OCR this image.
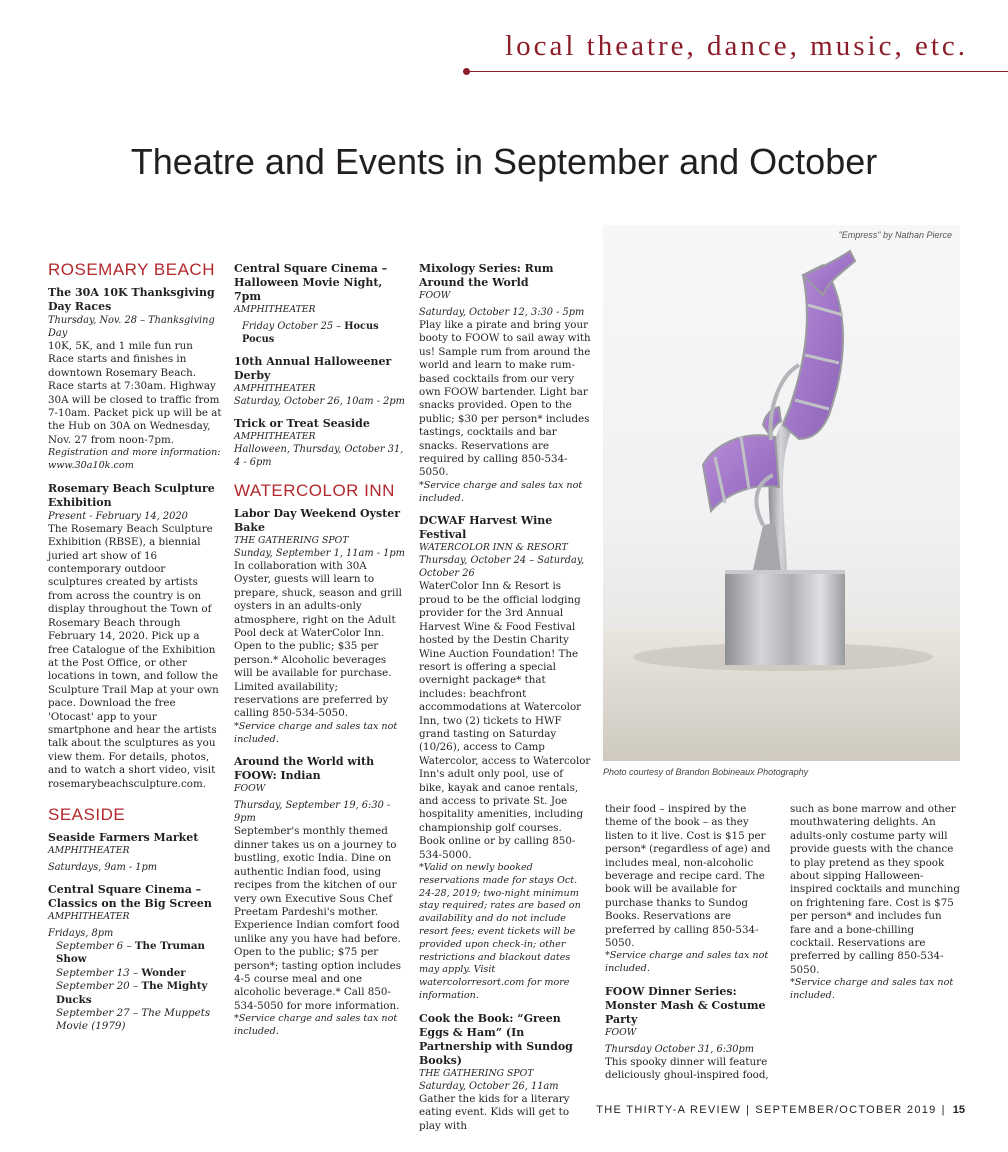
local theatre, dance, music, etc.
Theatre and Events in September and October
ROSEMARY BEACH

The 30A 10K Thanksgiving Day Races

Thursday, Nov. 28 – Thanksgiving Day

10K, 5K, and 1 mile fun run Race starts and finishes in downtown Rosemary Beach. Race starts at 7:30am. Highway 30A will be closed to traffic from 7-10am. Packet pick up will be at the Hub on 30A on Wednesday, Nov. 27 from noon-7pm.

Registration and more information: www.30a10k.com

Rosemary Beach Sculpture Exhibition

Present - February 14, 2020

The Rosemary Beach Sculpture Exhibition (RBSE), a biennial juried art show of 16 contemporary outdoor sculptures created by artists from across the country is on display throughout the Town of Rosemary Beach through February 14, 2020. Pick up a free Catalogue of the Exhibition at the Post Office, or other locations in town, and follow the Sculpture Trail Map at your own pace. Download the free 'Otocast' app to your smartphone and hear the artists talk about the sculptures as you view them. For details, photos, and to watch a short video, visit rosemarybeachsculpture.com.

SEASIDE

Seaside Farmers Market

AMPHITHEATER

Saturdays, 9am - 1pm

Central Square Cinema – Classics on the Big Screen

AMPHITHEATER

Fridays, 8pm

September 6 – The Truman Show

September 13 – Wonder

September 20 – The Mighty Ducks

September 27 – The Muppets Movie (1979)

Central Square Cinema – Halloween Movie Night, 7pm

AMPHITHEATER

Friday October 25 – Hocus Pocus

10th Annual Halloweener Derby

AMPHITHEATER

Saturday, October 26, 10am - 2pm

Trick or Treat Seaside

AMPHITHEATER

Halloween, Thursday, October 31, 4 - 6pm

WATERCOLOR INN

Labor Day Weekend Oyster Bake

THE GATHERING SPOT

Sunday, September 1, 11am - 1pm

In collaboration with 30A Oyster, guests will learn to prepare, shuck, season and grill oysters in an adults-only atmosphere, right on the Adult Pool deck at WaterColor Inn. Open to the public; $35 per person.* Alcoholic beverages will be available for purchase. Limited availability; reservations are preferred by calling 850-534-5050.

*Service charge and sales tax not included.

Around the World with FOOW: Indian

FOOW

Thursday, September 19, 6:30 - 9pm

September's monthly themed dinner takes us on a journey to bustling, exotic India. Dine on authentic Indian food, using recipes from the kitchen of our very own Executive Sous Chef Preetam Pardeshi's mother. Experience Indian comfort food unlike any you have had before. Open to the public; $75 per person*; tasting option includes 4-5 course meal and one alcoholic beverage.* Call 850-534-5050 for more information.

*Service charge and sales tax not included.

Mixology Series: Rum Around the World

FOOW

Saturday, October 12, 3:30 - 5pm

Play like a pirate and bring your booty to FOOW to sail away with us! Sample rum from around the world and learn to make rum-based cocktails from our very own FOOW bartender. Light bar snacks provided. Open to the public; $30 per person* includes tastings, cocktails and bar snacks. Reservations are required by calling 850-534-5050.

*Service charge and sales tax not included.

DCWAF Harvest Wine Festival

WATERCOLOR INN & RESORT

Thursday, October 24 – Saturday, October 26

WaterColor Inn & Resort is proud to be the official lodging provider for the 3rd Annual Harvest Wine & Food Festival hosted by the Destin Charity Wine Auction Foundation! The resort is offering a special overnight package* that includes: beachfront accommodations at Watercolor Inn, two (2) tickets to HWF grand tasting on Saturday (10/26), access to Camp Watercolor, access to Watercolor Inn's adult only pool, use of bike, kayak and canoe rentals, and access to private St. Joe hospitality amenities, including championship golf courses. Book online or by calling 850-534-5000.

*Valid on newly booked reservations made for stays Oct. 24-28, 2019; two-night minimum stay required; rates are based on availability and do not include resort fees; event tickets will be provided upon check-in; other restrictions and blackout dates may apply. Visit watercolorresort.com for more information.

Cook the Book: “Green Eggs & Ham” (In Partnership with Sundog Books)

THE GATHERING SPOT

Saturday, October 26, 11am

Gather the kids for a literary eating event. Kids will get to play with

"Empress" by Nathan Pierce
Photo courtesy of Brandon Bobineaux Photography

their food – inspired by the theme of the book – as they listen to it live. Cost is $15 per person* (regardless of age) and includes meal, non-alcoholic beverage and recipe card. The book will be available for purchase thanks to Sundog Books. Reservations are preferred by calling 850-534-5050.

*Service charge and sales tax not included.

FOOW Dinner Series: Monster Mash & Costume Party

FOOW

Thursday October 31, 6:30pm

This spooky dinner will feature deliciously ghoul-inspired food,

such as bone marrow and other mouthwatering delights. An adults-only costume party will provide guests with the chance to play pretend as they spook about sipping Halloween-inspired cocktails and munching on frightening fare. Cost is $75 per person* and includes fun fare and a bone-chilling cocktail. Reservations are preferred by calling 850-534-5050.

*Service charge and sales tax not included.

THE THIRTY-A REVIEW | SEPTEMBER/OCTOBER 2019 | 15
